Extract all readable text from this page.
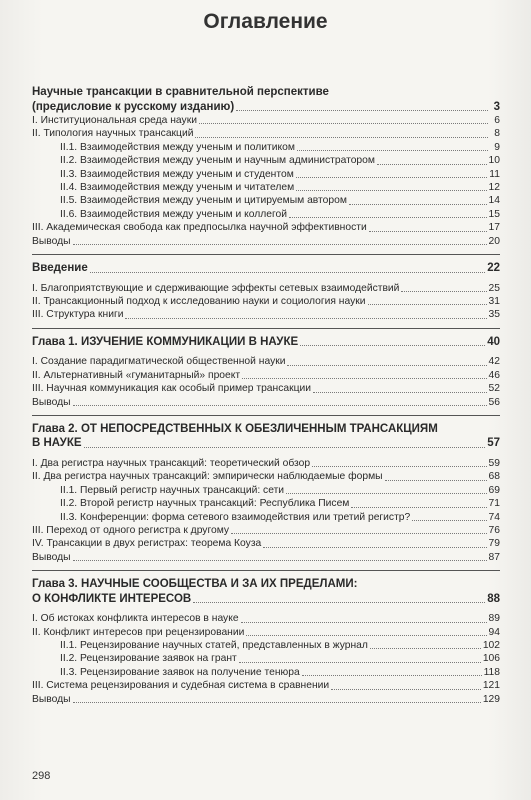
Оглавление
Научные трансакции в сравнительной перспективе
(предисловие к русскому изданию)	3
I. Институциональная среда науки	6
II. Типология научных трансакций	8
II.1. Взаимодействия между ученым и политиком	9
II.2. Взаимодействия между ученым и научным администратором	10
II.3. Взаимодействия между ученым и студентом	11
II.4. Взаимодействия между ученым и читателем	12
II.5. Взаимодействия между ученым и цитируемым автором	14
II.6. Взаимодействия между ученым и коллегой	15
III. Академическая свобода как предпосылка научной эффективности	17
Выводы	20
Введение	22
I. Благоприятствующие и сдерживающие эффекты сетевых взаимодействий	25
II. Трансакционный подход к исследованию науки и социология науки	31
III. Структура книги	35
Глава 1. ИЗУЧЕНИЕ КОММУНИКАЦИИ В НАУКЕ	40
I. Создание парадигматической общественной науки	42
II. Альтернативный «гуманитарный» проект	46
III. Научная коммуникация как особый пример трансакции	52
Выводы	56
Глава 2. ОТ НЕПОСРЕДСТВЕННЫХ К ОБЕЗЛИЧЕННЫМ ТРАНСАКЦИЯМ
В НАУКЕ	57
I. Два регистра научных трансакций: теоретический обзор	59
II. Два регистра научных трансакций: эмпирически наблюдаемые формы	68
II.1. Первый регистр научных трансакций: сети	69
II.2. Второй регистр научных трансакций: Республика Писем	71
II.3. Конференции: форма сетевого взаимодействия или третий регистр?	74
III. Переход от одного регистра к другому	76
IV. Трансакции в двух регистрах: теорема Коуза	79
Выводы	87
Глава 3. НАУЧНЫЕ СООБЩЕСТВА И ЗА ИХ ПРЕДЕЛАМИ:
О КОНФЛИКТЕ ИНТЕРЕСОВ	88
I. Об истоках конфликта интересов в науке	89
II. Конфликт интересов при рецензировании	94
II.1. Рецензирование научных статей, представленных в журнал	102
II.2. Рецензирование заявок на грант	106
II.3. Рецензирование заявок на получение тенюрa	118
III. Система рецензирования и судебная система в сравнении	121
Выводы	129
298
